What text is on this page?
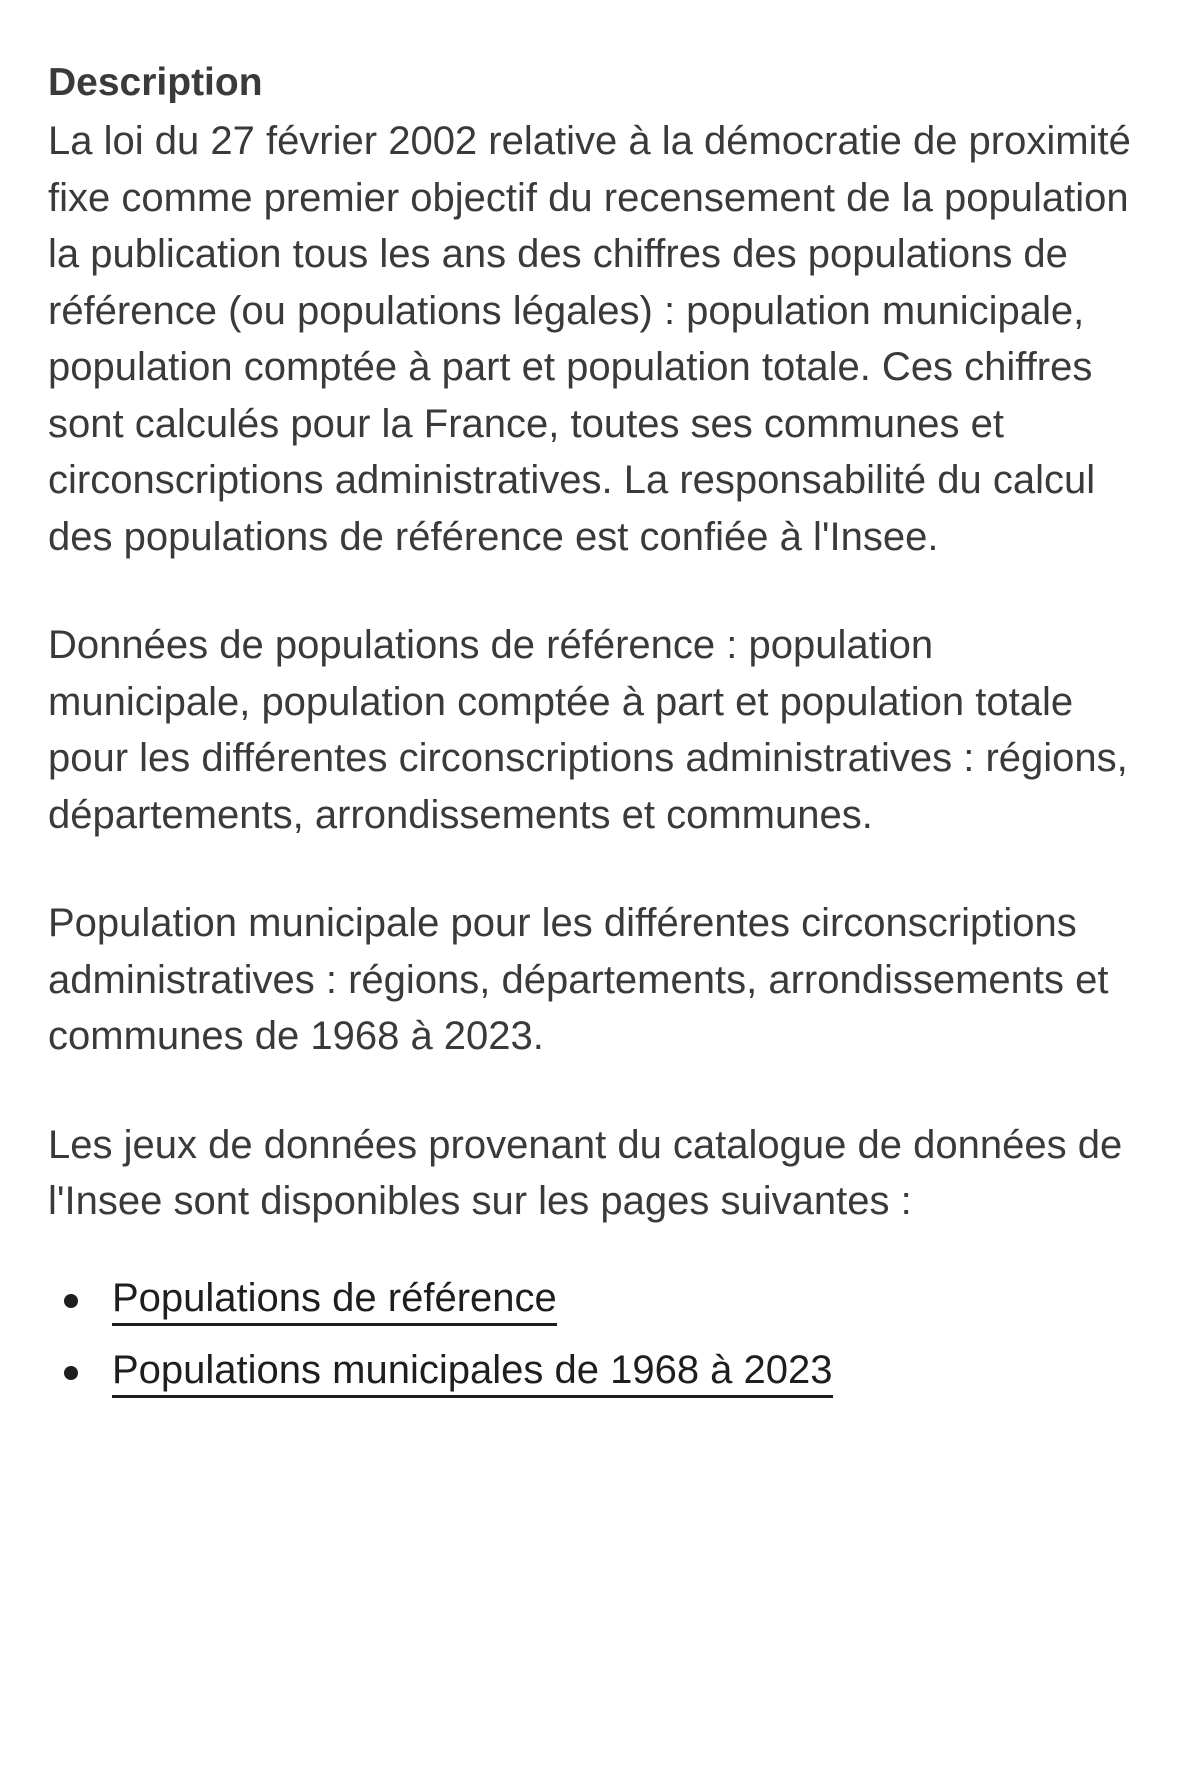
Description

La loi du 27 février 2002 relative à la démocratie de proximité fixe comme premier objectif du recensement de la population la publication tous les ans des chiffres des populations de référence (ou populations légales) : population municipale, population comptée à part et population totale. Ces chiffres sont calculés pour la France, toutes ses communes et circonscriptions administratives. La responsabilité du calcul des populations de référence est confiée à l'Insee.

Données de populations de référence : population municipale, population comptée à part et population totale pour les différentes circonscriptions administratives : régions, départements, arrondissements et communes.

Population municipale pour les différentes circonscriptions administratives : régions, départements, arrondissements et communes de 1968 à 2023.

Les jeux de données provenant du catalogue de données de l'Insee sont disponibles sur les pages suivantes :

Populations de référence
Populations municipales de 1968 à 2023
